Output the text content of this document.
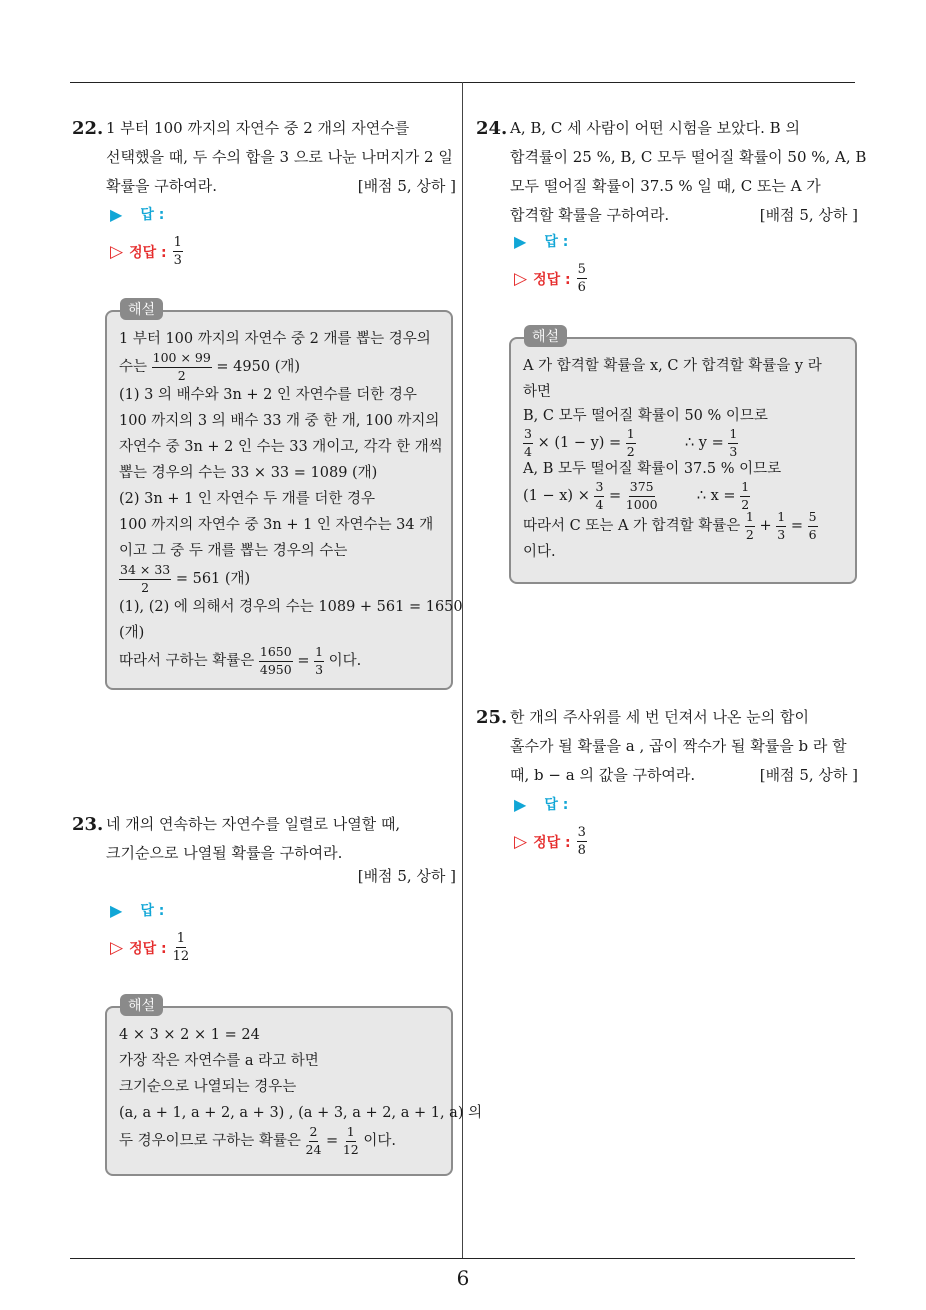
22. 1 부터 100 까지의 자연수 중 2 개의 자연수를
선택했을 때, 두 수의 합을 3 으로 나눈 나머지가 2 일
확률을 구하여라.	[배점 5, 상하 ]
▶ 답 :
▷ 정답 : $\frac{1}{3}$
1 부터 100 까지의 자연수 중 2 개를 뽑는 경우의
수는 $\frac{100 \times 99}{2} = 4950$ (개)
(1) 3 의 배수와 3n + 2 인 자연수를 더한 경우
100 까지의 3 의 배수 33 개 중 한 개, 100 까지의
자연수 중 3n + 2 인 수는 33 개이고, 각각 한 개씩
뽑는 경우의 수는 33 × 33 = 1089 (개)
(2) 3n + 1 인 자연수 두 개를 더한 경우
100 까지의 자연수 중 3n + 1 인 자연수는 34 개
이고 그 중 두 개를 뽑는 경우의 수는
$\frac{34 \times 33}{2} = 561$ (개)
(1), (2) 에 의해서 경우의 수는 1089 + 561 = 1650
(개)
따라서 구하는 확률은 $\frac{1650}{4950} = \frac{1}{3}$ 이다.
해설
23. 네 개의 연속하는 자연수를 일렬로 나열할 때,
크기순으로 나열될 확률을 구하여라.
[배점 5, 상하 ]
▶ 답 :
▷ 정답 : $\frac{1}{12}$
4 × 3 × 2 × 1 = 24
가장 작은 자연수를 a 라고 하면
크기순으로 나열되는 경우는
(a, a + 1, a + 2, a + 3) , (a + 3, a + 2, a + 1, a) 의
두 경우이므로 구하는 확률은 $\frac{2}{24} = \frac{1}{12}$ 이다.
해설
24. A, B, C 세 사람이 어떤 시험을 보았다. B 의
합격률이 25 %, B, C 모두 떨어질 확률이 50 %, A, B
모두 떨어질 확률이 37.5 % 일 때, C 또는 A 가
합격할 확률을 구하여라.	[배점 5, 상하 ]
▶ 답 :
▷ 정답 : $\frac{5}{6}$
A 가 합격할 확률을 x, C 가 합격할 확률을 y 라
하면
B, C 모두 떨어질 확률이 50 % 이므로
$\frac{3}{4} \times (1 - y) = \frac{1}{2}$	∴ $y = \frac{1}{3}$
A, B 모두 떨어질 확률이 37.5 % 이므로
$(1 - x) \times \frac{3}{4} = \frac{375}{1000}$	∴ $x = \frac{1}{2}$
따라서 C 또는 A 가 합격할 확률은 $\frac{1}{2} + \frac{1}{3} = \frac{5}{6}$
이다.
해설
25. 한 개의 주사위를 세 번 던져서 나온 눈의 합이
홀수가 될 확률을 a , 곱이 짝수가 될 확률을 b 라 할
때, b − a 의 값을 구하여라.	[배점 5, 상하 ]
▶ 답 :
▷ 정답 : $\frac{3}{8}$
6
